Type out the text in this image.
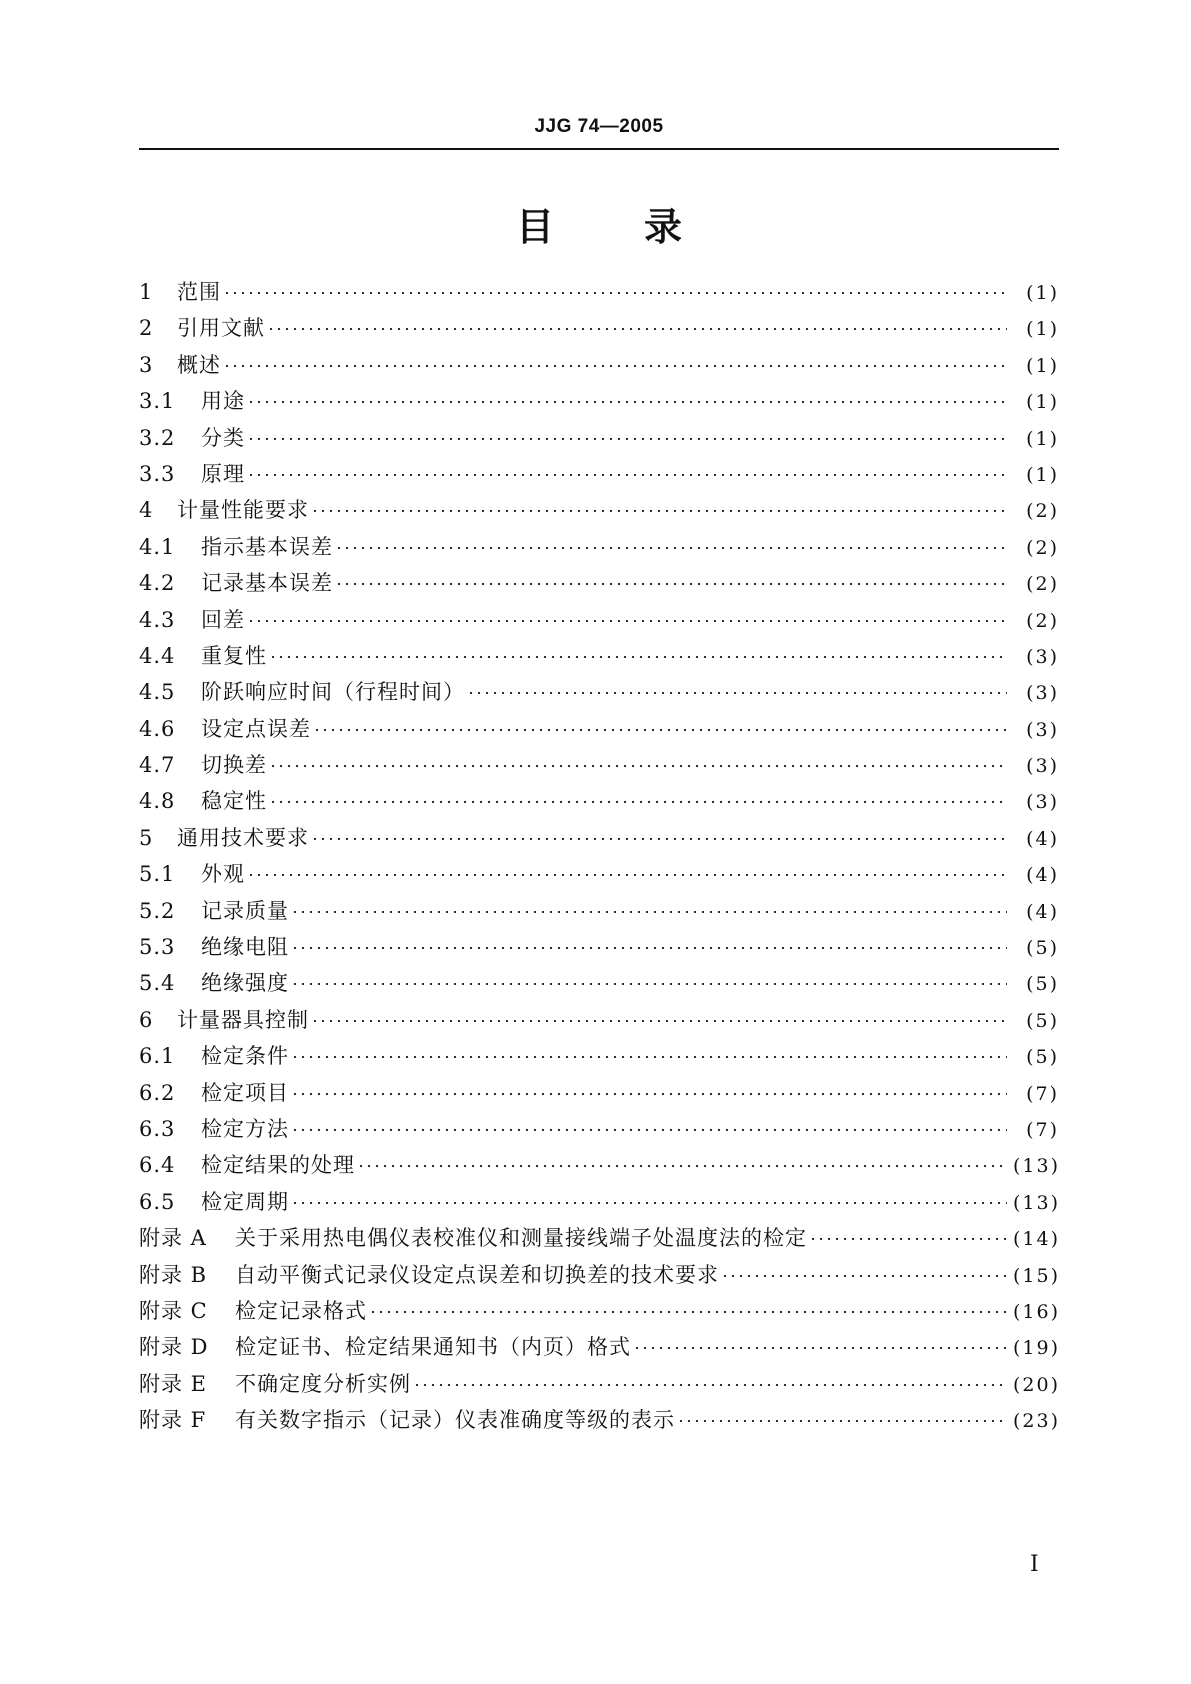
JJG 74—2005
目 录
1	范围	(1)
2	引用文献	(1)
3	概述	(1)
3.1	用途	(1)
3.2	分类	(1)
3.3	原理	(1)
4	计量性能要求	(2)
4.1	指示基本误差	(2)
4.2	记录基本误差	(2)
4.3	回差	(2)
4.4	重复性	(3)
4.5	阶跃响应时间（行程时间）	(3)
4.6	设定点误差	(3)
4.7	切换差	(3)
4.8	稳定性	(3)
5	通用技术要求	(4)
5.1	外观	(4)
5.2	记录质量	(4)
5.3	绝缘电阻	(5)
5.4	绝缘强度	(5)
6	计量器具控制	(5)
6.1	检定条件	(5)
6.2	检定项目	(7)
6.3	检定方法	(7)
6.4	检定结果的处理	(13)
6.5	检定周期	(13)
附录 A	关于采用热电偶仪表校准仪和测量接线端子处温度法的检定	(14)
附录 B	自动平衡式记录仪设定点误差和切换差的技术要求	(15)
附录 C	检定记录格式	(16)
附录 D	检定证书、检定结果通知书（内页）格式	(19)
附录 E	不确定度分析实例	(20)
附录 F	有关数字指示（记录）仪表准确度等级的表示	(23)
I
